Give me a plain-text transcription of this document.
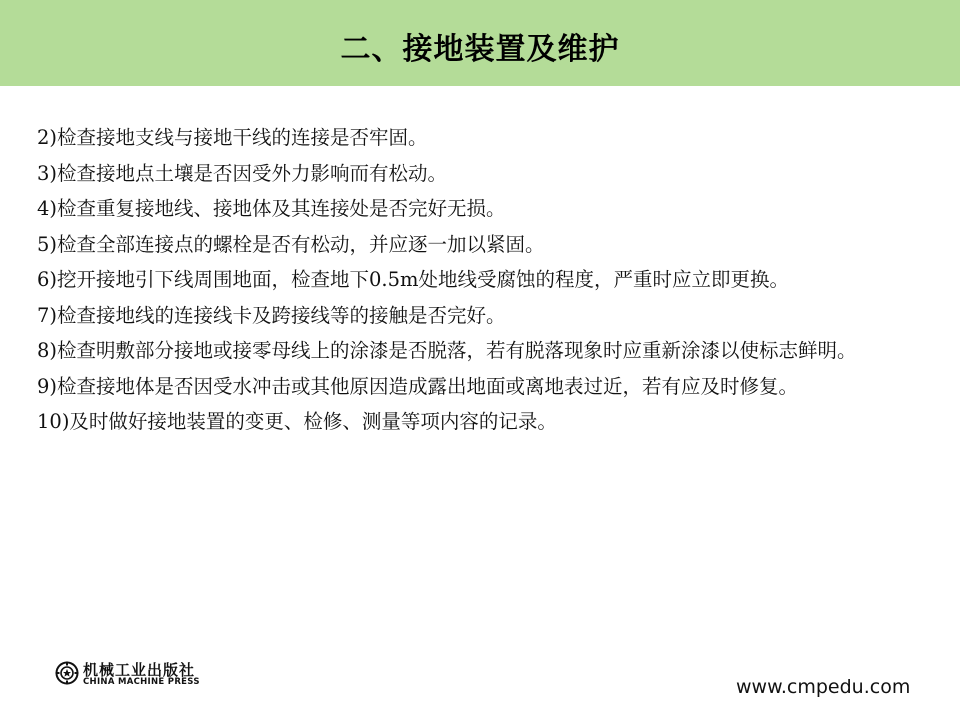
二、接地装置及维护
2)检查接地支线与接地干线的连接是否牢固。
3)检查接地点土壤是否因受外力影响而有松动。
4)检查重复接地线、接地体及其连接处是否完好无损。
5)检查全部连接点的螺栓是否有松动，并应逐一加以紧固。
6)挖开接地引下线周围地面，检查地下0.5m处地线受腐蚀的程度，严重时应立即更换。
7)检查接地线的连接线卡及跨接线等的接触是否完好。
8)检查明敷部分接地或接零母线上的涂漆是否脱落，若有脱落现象时应重新涂漆以使标志鲜明。
9)检查接地体是否因受水冲击或其他原因造成露出地面或离地表过近，若有应及时修复。
10)及时做好接地装置的变更、检修、测量等项内容的记录。
机械工业出版社
CHINA MACHINE PRESS	www.cmpedu.com
